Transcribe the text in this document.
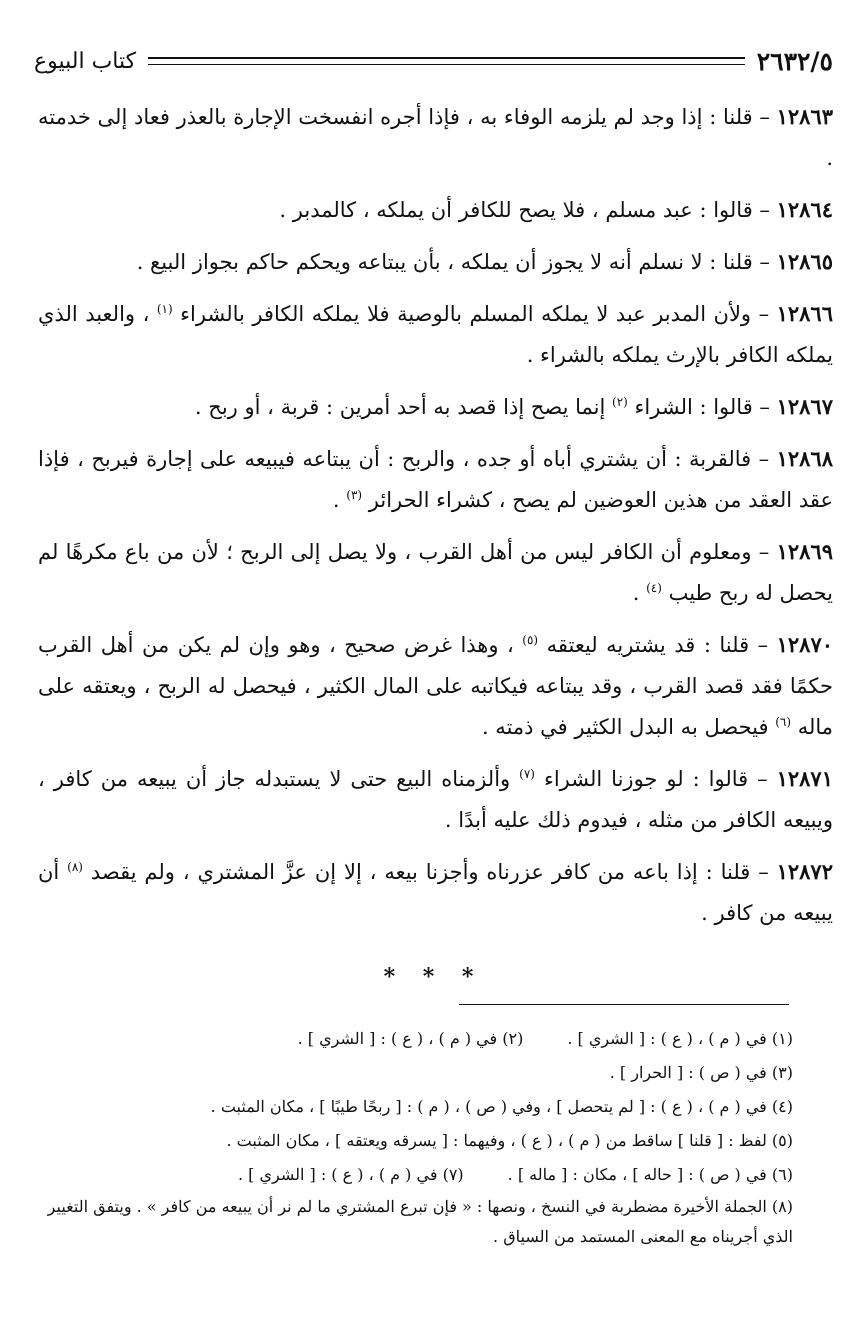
٢٦٣٢/٥
كتاب البيوع

١٢٨٦٣ – قلنا : إذا وجد لم يلزمه الوفاء به ، فإذا أجره انفسخت الإجارة بالعذر فعاد إلى خدمته .

١٢٨٦٤ – قالوا : عبد مسلم ، فلا يصح للكافر أن يملكه ، كالمدبر .

١٢٨٦٥ – قلنا : لا نسلم أنه لا يجوز أن يملكه ، بأن يبتاعه ويحكم حاكم بجواز البيع .

١٢٨٦٦ – ولأن المدبر عبد لا يملكه المسلم بالوصية فلا يملكه الكافر بالشراء $^{(١)}$ ، والعبد الذي يملكه الكافر بالإرث يملكه بالشراء .

١٢٨٦٧ – قالوا : الشراء $^{(٢)}$ إنما يصح إذا قصد به أحد أمرين : قربة ، أو ربح .

١٢٨٦٨ – فالقربة : أن يشتري أباه أو جده ، والربح : أن يبتاعه فيبيعه على إجارة فيربح ، فإذا عقد العقد من هذين العوضين لم يصح ، كشراء الحرائر $^{(٣)}$ .

١٢٨٦٩ – ومعلوم أن الكافر ليس من أهل القرب ، ولا يصل إلى الربح ؛ لأن من باع مكرهًا لم يحصل له ربح طيب $^{(٤)}$ .

١٢٨٧٠ – قلنا : قد يشتريه ليعتقه $^{(٥)}$ ، وهذا غرض صحيح ، وهو وإن لم يكن من أهل القرب حكمًا فقد قصد القرب ، وقد يبتاعه فيكاتبه على المال الكثير ، فيحصل له الربح ، ويعتقه على ماله $^{(٦)}$ فيحصل به البدل الكثير في ذمته .

١٢٨٧١ – قالوا : لو جوزنا الشراء $^{(٧)}$ وألزمناه البيع حتى لا يستبدله جاز أن يبيعه من كافر ، ويبيعه الكافر من مثله ، فيدوم ذلك عليه أبدًا .

١٢٨٧٢ – قلنا : إذا باعه من كافر عزرناه وأجزنا بيعه ، إلا إن عزَّ المشتري ، ولم يقصد $^{(٨)}$ أن يبيعه من كافر .

* * *
(١) في ( م ) ، ( ع ) : [ الشري ] .
(٢) في ( م ) ، ( ع ) : [ الشري ] .
(٣) في ( ص ) : [ الحرار ] .
(٤) في ( م ) ، ( ع ) : [ لم يتحصل ] ، وفي ( ص ) ، ( م ) : [ ربحًا طيبًا ] ، مكان المثبت .
(٥) لفظ : [ قلنا ] ساقط من ( م ) ، ( ع ) ، وفيهما : [ يسرقه ويعتقه ] ، مكان المثبت .
(٦) في ( ص ) : [ حاله ] ، مكان : [ ماله ] .
(٧) في ( م ) ، ( ع ) : [ الشري ] .
(٨) الجملة الأخيرة مضطربة في النسخ ، ونصها : « فإن تبرع المشتري ما لم نر أن يبيعه من كافر » . ويتفق التغيير الذي أجريناه مع المعنى المستمد من السياق .
